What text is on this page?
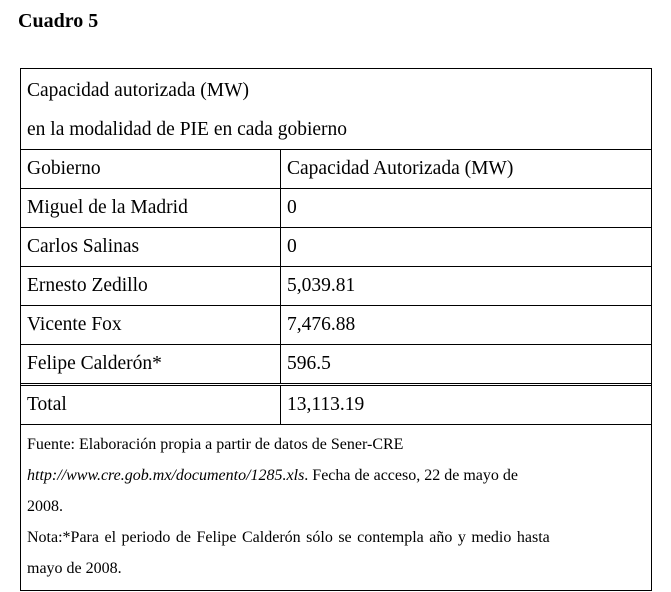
Cuadro 5
Capacidad autorizada (MW)
en la modalidad de PIE en cada gobierno
Gobierno	Capacidad Autorizada (MW)
Miguel de la Madrid	0
Carlos Salinas	0
Ernesto Zedillo	5,039.81
Vicente Fox	7,476.88
Felipe Calderón*	596.5
Total	13,113.19

Fuente: Elaboración propia a partir de datos de Sener-CRE

http://www.cre.gob.mx/documento/1285.xls. Fecha de acceso, 22 de mayo de

2008.

Nota:*Para el periodo de Felipe Calderón sólo se contempla año y medio hasta

mayo de 2008.
